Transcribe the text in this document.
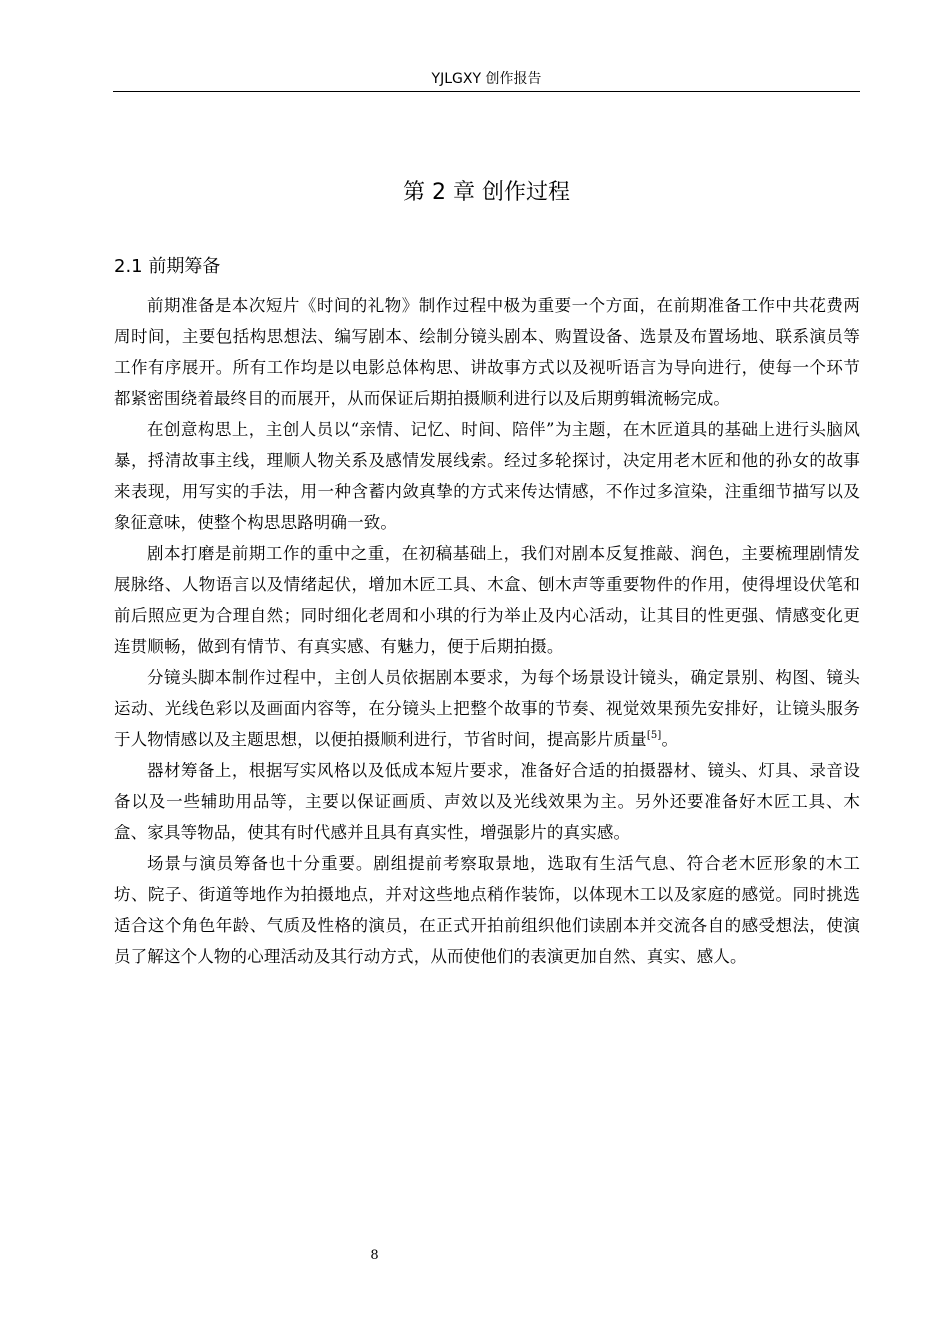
YJLGXY 创作报告
第 2 章 创作过程
2.1 前期筹备

前期准备是本次短片《时间的礼物》制作过程中极为重要一个方面，在前期准备工作中共花费两周时间，主要包括构思想法、编写剧本、绘制分镜头剧本、购置设备、选景及布置场地、联系演员等工作有序展开。所有工作均是以电影总体构思、讲故事方式以及视听语言为导向进行，使每一个环节都紧密围绕着最终目的而展开，从而保证后期拍摄顺利进行以及后期剪辑流畅完成。

在创意构思上，主创人员以“亲情、记忆、时间、陪伴”为主题，在木匠道具的基础上进行头脑风暴，捋清故事主线，理顺人物关系及感情发展线索。经过多轮探讨，决定用老木匠和他的孙女的故事来表现，用写实的手法，用一种含蓄内敛真挚的方式来传达情感，不作过多渲染，注重细节描写以及象征意味，使整个构思思路明确一致。

剧本打磨是前期工作的重中之重，在初稿基础上，我们对剧本反复推敲、润色，主要梳理剧情发展脉络、人物语言以及情绪起伏，增加木匠工具、木盒、刨木声等重要物件的作用，使得埋设伏笔和前后照应更为合理自然；同时细化老周和小琪的行为举止及内心活动，让其目的性更强、情感变化更连贯顺畅，做到有情节、有真实感、有魅力，便于后期拍摄。

分镜头脚本制作过程中，主创人员依据剧本要求，为每个场景设计镜头，确定景别、构图、镜头运动、光线色彩以及画面内容等，在分镜头上把整个故事的节奏、视觉效果预先安排好，让镜头服务于人物情感以及主题思想，以便拍摄顺利进行，节省时间，提高影片质量[5]。

器材筹备上，根据写实风格以及低成本短片要求，准备好合适的拍摄器材、镜头、灯具、录音设备以及一些辅助用品等，主要以保证画质、声效以及光线效果为主。另外还要准备好木匠工具、木盒、家具等物品，使其有时代感并且具有真实性，增强影片的真实感。

场景与演员筹备也十分重要。剧组提前考察取景地，选取有生活气息、符合老木匠形象的木工坊、院子、街道等地作为拍摄地点，并对这些地点稍作装饰，以体现木工以及家庭的感觉。同时挑选适合这个角色年龄、气质及性格的演员，在正式开拍前组织他们读剧本并交流各自的感受想法，使演员了解这个人物的心理活动及其行动方式，从而使他们的表演更加自然、真实、感人。

8
